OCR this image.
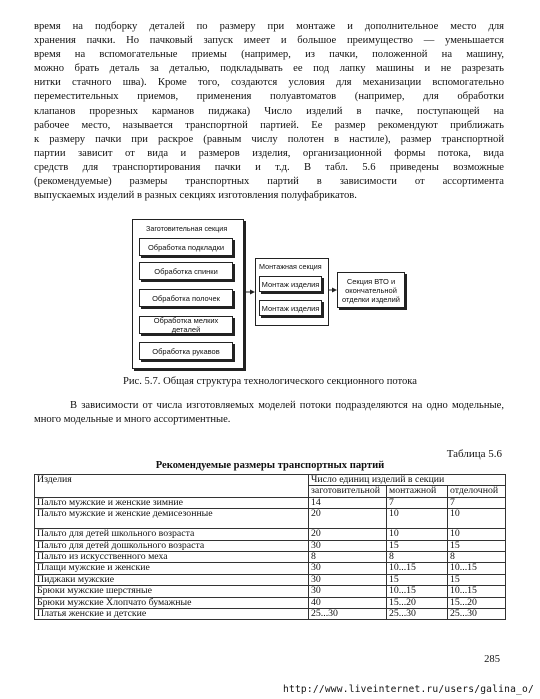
время на подборку деталей по размеру при монтаже и дополнительное место для
хранения пачки. Но пачковый запуск имеет и большое преимущество — уменьшается
время на вспомогательные приемы (например, из пачки, положенной на машину,
можно брать деталь за деталью, подкладывать ее под лапку машины и не разрезать
нитки стачного шва). Кроме того, создаются условия для механизации вспомогательно
переместительных приемов, применения полуавтоматов (например, для обработки
клапанов прорезных карманов пиджака) Число изделий в пачке, поступающей на
рабочее место, называется транспортной партией. Ее размер рекомендуют приближать
к размеру пачки при раскрое (равным числу полотен в настиле), размер транспортной
партии зависит от вида и размеров изделия, организационной формы потока, вида
средств для транспортирования пачки и т.д. В табл. 5.6 приведены возможные
(рекомендуемые) размеры транспортных партий в зависимости от ассортимента
выпускаемых изделий в разных секциях изготовления полуфабрикатов.
Заготовительная секция
Обработка подкладки
Обработка спинки
Обработка полочек
Обработка мелких деталей
Обработка рукавов
Монтажная секция
Монтаж изделия
Монтаж изделия
Секция ВТО и окончательной отделки изделий
Рис. 5.7. Общая структура технологического секционного потока

В зависимости от числа изготовляемых моделей потоки подразделяются на одно модельные, много модельные и много ассортиментные.

Таблица 5.6
Рекомендуемые размеры транспортных партий
Изделия	Число единиц изделий в секции		
	заготовительной	монтажной	отделочной
Пальто мужские и женские зимние	14	7	7
Пальто мужские и женские демисезонные	20	10	10
Пальто для детей школьного возраста	20	10	10
Пальто для детей дошкольного возраста	30	15	15
Пальто из искусственного меха	8	8	8
Плащи мужские и женские	30	10...15	10...15
Пиджаки мужские	30	15	15
Брюки мужские шерстяные	30	10...15	10...15
Брюки мужские Хлопчато бумажные	40	15...20	15...20
Платья женские и детские	25...30	25...30	25...30
285
http://www.liveinternet.ru/users/galina_o/
